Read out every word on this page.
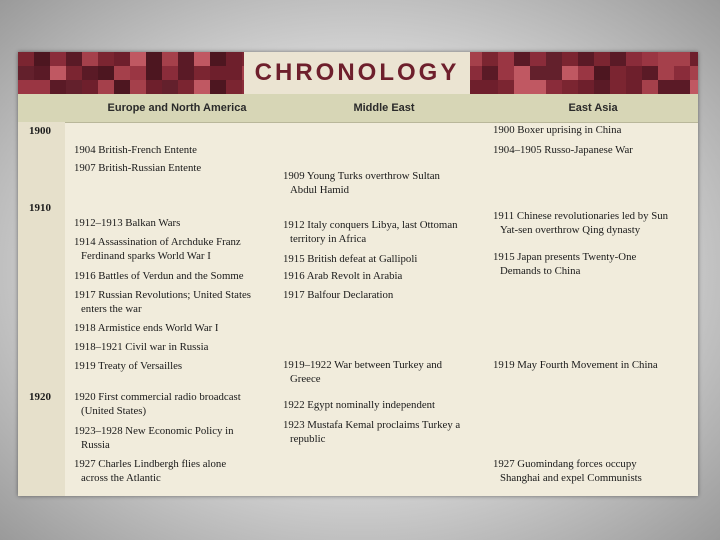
CHRONOLOGY
Europe and North America	Middle East	East Asia
1900
1910
1920
1904 British-French Entente
1907 British-Russian Entente
1912–1913 Balkan Wars
1914 Assassination of Archduke Franz
Ferdinand sparks World War I
1916 Battles of Verdun and the Somme
1917 Russian Revolutions; United States
enters the war
1918 Armistice ends World War I
1918–1921 Civil war in Russia
1919 Treaty of Versailles
1920 First commercial radio broadcast
(United States)
1923–1928 New Economic Policy in
Russia
1927 Charles Lindbergh flies alone
across the Atlantic
1909 Young Turks overthrow Sultan
Abdul Hamid
1912 Italy conquers Libya, last Ottoman
territory in Africa
1915 British defeat at Gallipoli
1916 Arab Revolt in Arabia
1917 Balfour Declaration
1919–1922 War between Turkey and
Greece
1922 Egypt nominally independent
1923 Mustafa Kemal proclaims Turkey a
republic
1900 Boxer uprising in China
1904–1905 Russo-Japanese War
1911 Chinese revolutionaries led by Sun
Yat-sen overthrow Qing dynasty
1915 Japan presents Twenty-One
Demands to China
1919 May Fourth Movement in China
1927 Guomindang forces occupy
Shanghai and expel Communists
